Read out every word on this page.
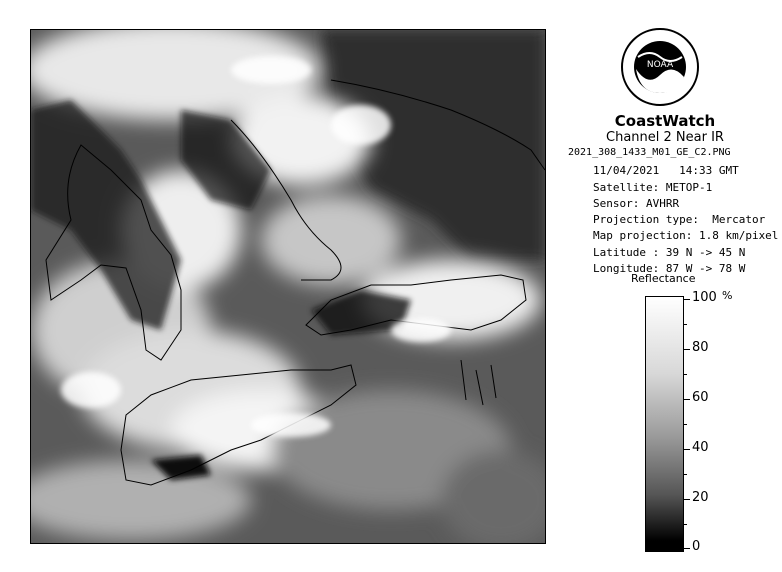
NOAA
CoastWatch
Channel 2 Near IR
2021_308_1433_M01_GE_C2.PNG
11/04/2021   14:33 GMT
Satellite: METOP-1
Sensor: AVHRR
Projection type:  Mercator
Map projection: 1.8 km/pixel
Latitude : 39 N -> 45 N
Longitude: 87 W -> 78 W
Reflectance
%
100
80
60
40
20
0
